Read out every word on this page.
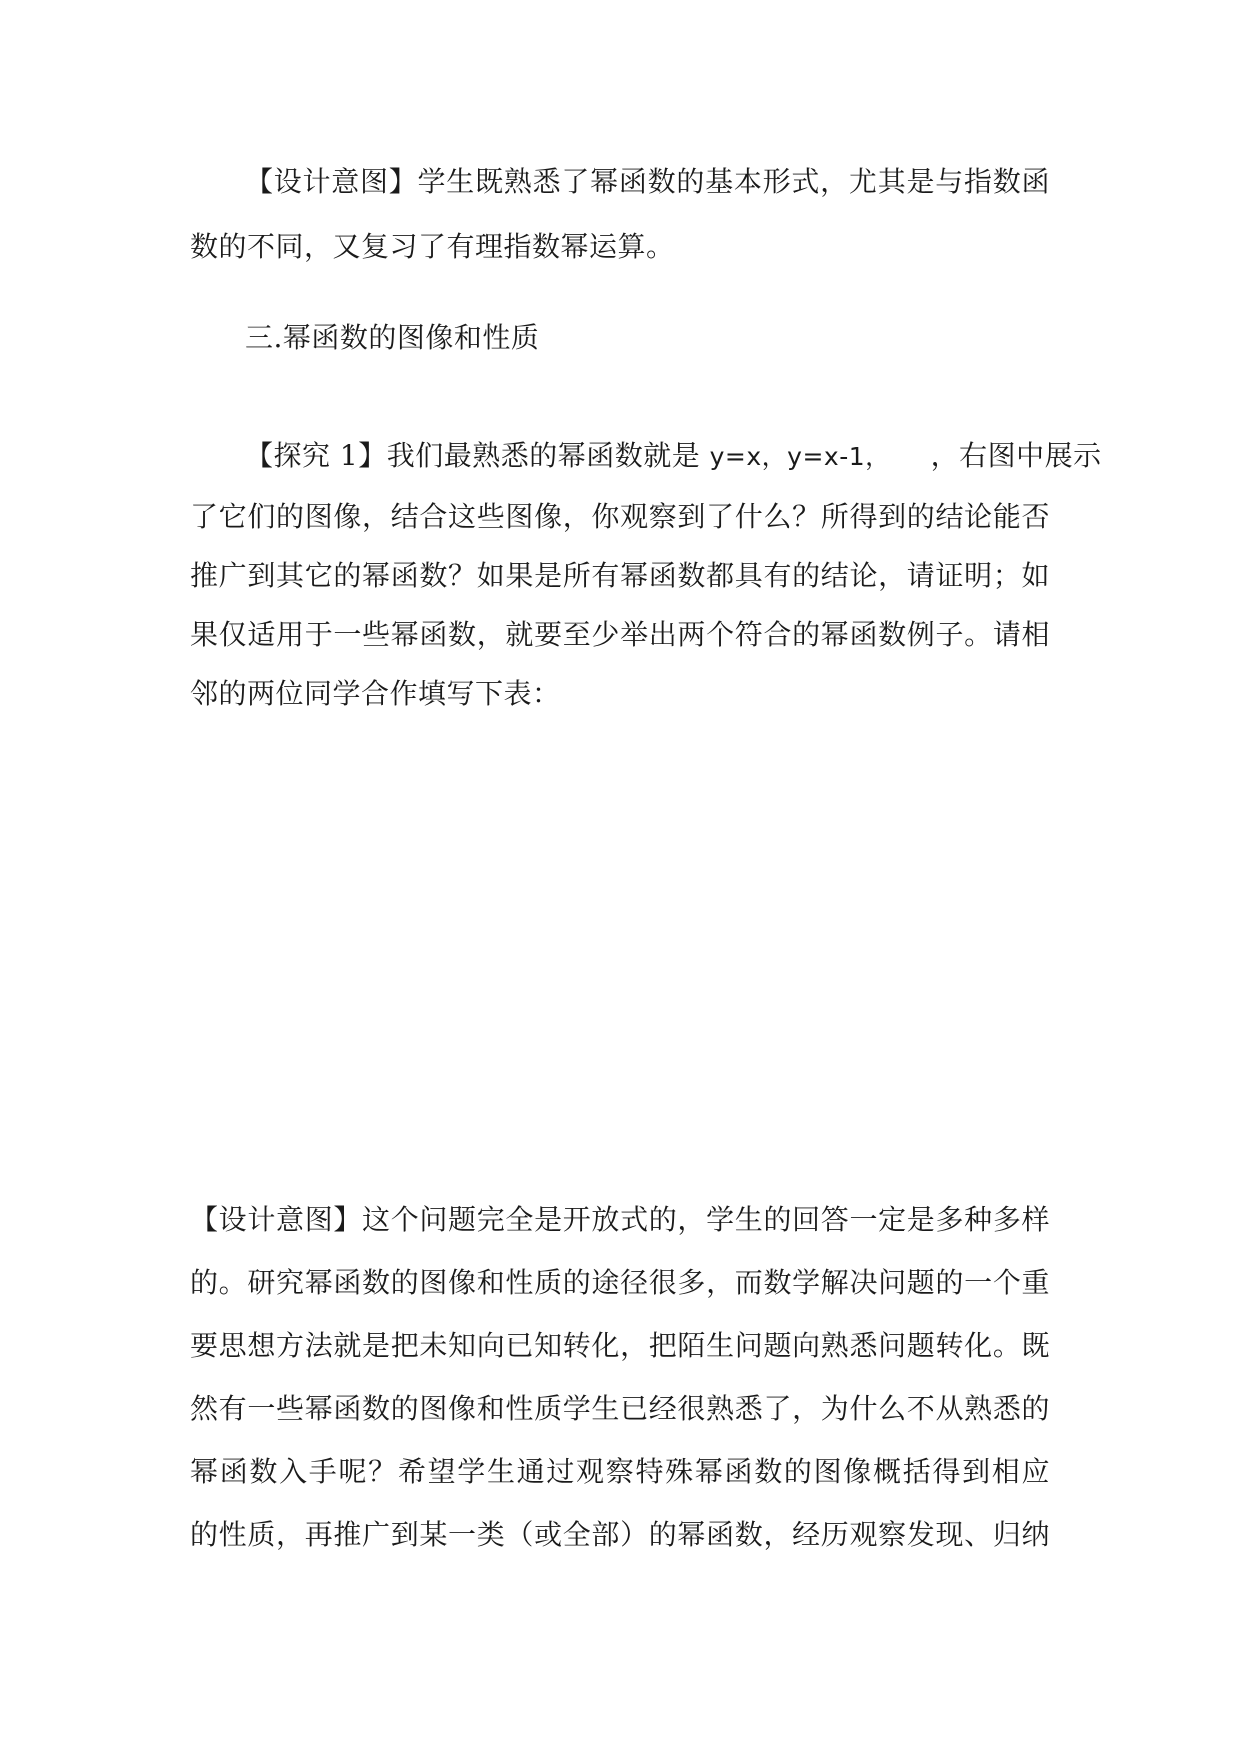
【设计意图】学生既熟悉了幂函数的基本形式，尤其是与指数函
数的不同，又复习了有理指数幂运算。
三.幂函数的图像和性质
【探究 1】我们最熟悉的幂函数就是 y=x，y=x-1， ，右图中展示
了它们的图像，结合这些图像，你观察到了什么？所得到的结论能否
推广到其它的幂函数？如果是所有幂函数都具有的结论，请证明；如
果仅适用于一些幂函数，就要至少举出两个符合的幂函数例子。请相
邻的两位同学合作填写下表：
【设计意图】这个问题完全是开放式的，学生的回答一定是多种多样
的。研究幂函数的图像和性质的途径很多，而数学解决问题的一个重
要思想方法就是把未知向已知转化，把陌生问题向熟悉问题转化。既
然有一些幂函数的图像和性质学生已经很熟悉了，为什么不从熟悉的
幂函数入手呢？希望学生通过观察特殊幂函数的图像概括得到相应
的性质，再推广到某一类（或全部）的幂函数，经历观察发现、归纳
